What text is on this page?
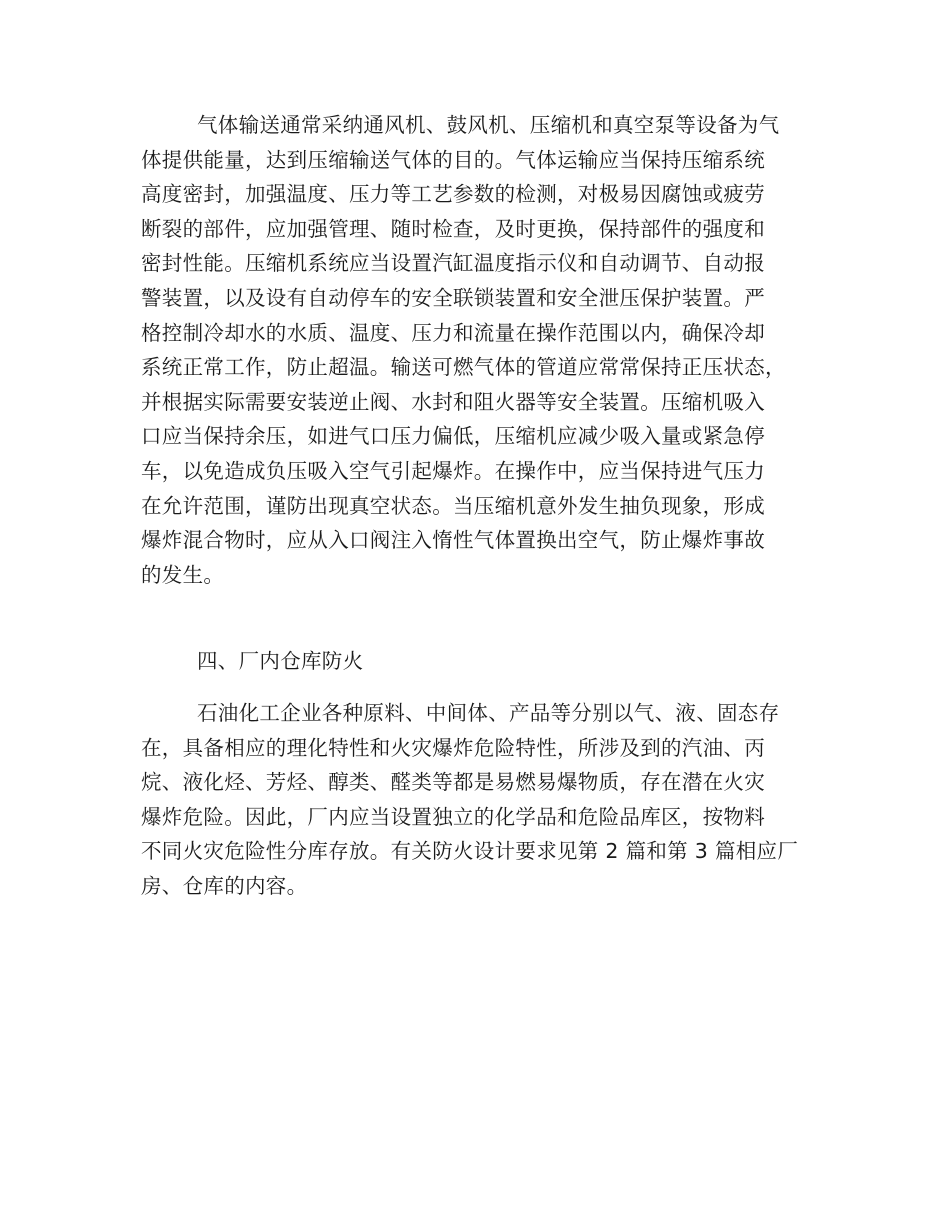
气体输送通常采纳通风机、鼓风机、压缩机和真空泵等设备为气
体提供能量，达到压缩输送气体的目的。气体运输应当保持压缩系统
高度密封，加强温度、压力等工艺参数的检测，对极易因腐蚀或疲劳
断裂的部件，应加强管理、随时检查，及时更换，保持部件的强度和
密封性能。压缩机系统应当设置汽缸温度指示仪和自动调节、自动报
警装置，以及设有自动停车的安全联锁装置和安全泄压保护装置。严
格控制冷却水的水质、温度、压力和流量在操作范围以内，确保冷却
系统正常工作，防止超温。输送可燃气体的管道应常常保持正压状态，
并根据实际需要安装逆止阀、水封和阻火器等安全装置。压缩机吸入
口应当保持余压，如进气口压力偏低，压缩机应减少吸入量或紧急停
车，以免造成负压吸入空气引起爆炸。在操作中，应当保持进气压力
在允许范围，谨防出现真空状态。当压缩机意外发生抽负现象，形成
爆炸混合物时，应从入口阀注入惰性气体置换出空气，防止爆炸事故
的发生。
四、厂内仓库防火
石油化工企业各种原料、中间体、产品等分别以气、液、固态存
在，具备相应的理化特性和火灾爆炸危险特性，所涉及到的汽油、丙
烷、液化烃、芳烃、醇类、醛类等都是易燃易爆物质，存在潜在火灾
爆炸危险。因此，厂内应当设置独立的化学品和危险品库区，按物料
不同火灾危险性分库存放。有关防火设计要求见第 2 篇和第 3 篇相应厂
房、仓库的内容。
